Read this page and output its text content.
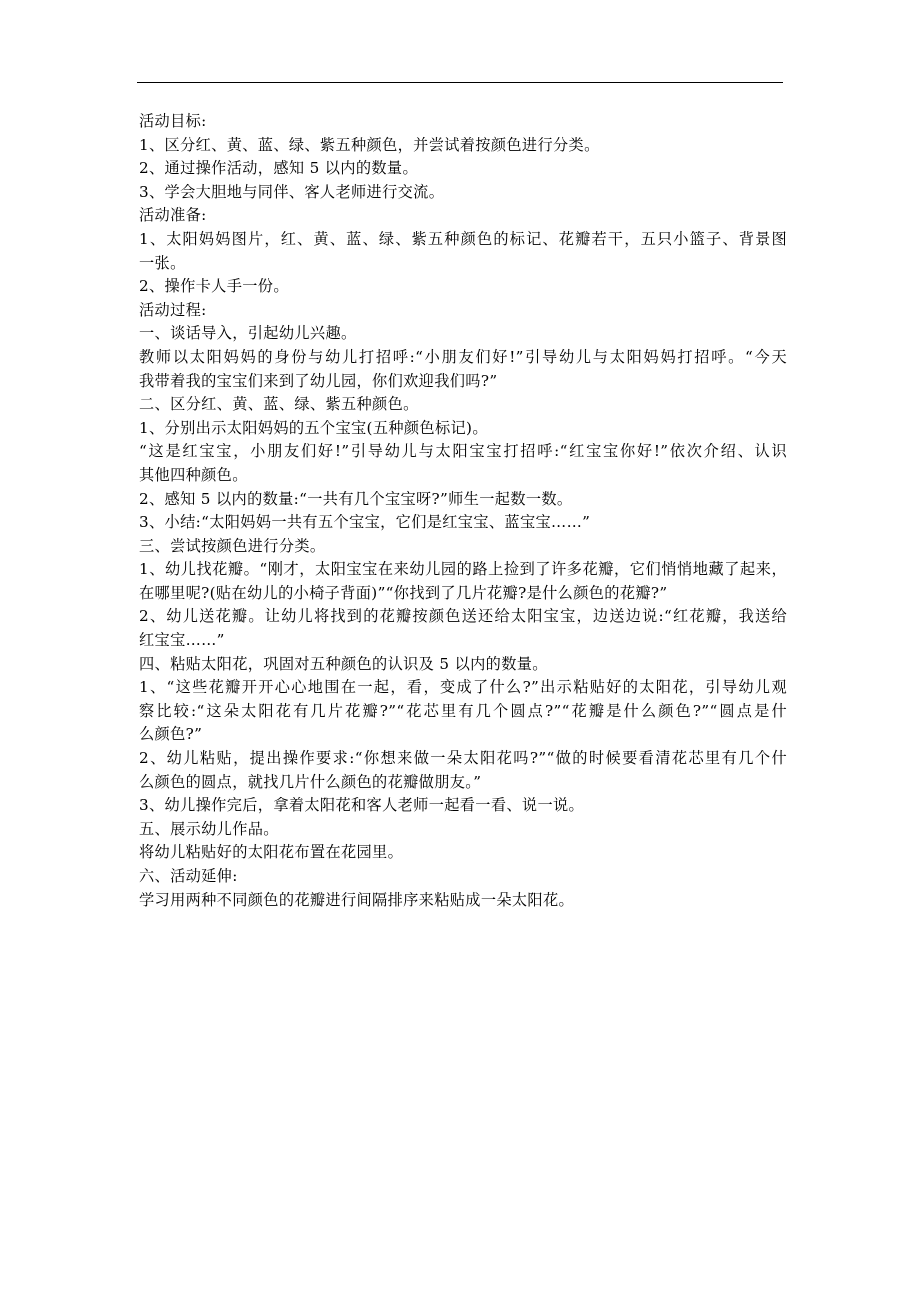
活动目标:
1、区分红、黄、蓝、绿、紫五种颜色，并尝试着按颜色进行分类。
2、通过操作活动，感知 5 以内的数量。
3、学会大胆地与同伴、客人老师进行交流。
活动准备:
1、太阳妈妈图片，红、黄、蓝、绿、紫五种颜色的标记、花瓣若干，五只小篮子、背景图
一张。
2、操作卡人手一份。
活动过程:
一、谈话导入，引起幼儿兴趣。
教师以太阳妈妈的身份与幼儿打招呼:“小朋友们好!”引导幼儿与太阳妈妈打招呼。“今天
我带着我的宝宝们来到了幼儿园，你们欢迎我们吗?”
二、区分红、黄、蓝、绿、紫五种颜色。
1、分别出示太阳妈妈的五个宝宝(五种颜色标记)。
“这是红宝宝，小朋友们好!”引导幼儿与太阳宝宝打招呼:“红宝宝你好!”依次介绍、认识
其他四种颜色。
2、感知 5 以内的数量:“一共有几个宝宝呀?”师生一起数一数。
3、小结:“太阳妈妈一共有五个宝宝，它们是红宝宝、蓝宝宝……”
三、尝试按颜色进行分类。
1、幼儿找花瓣。“刚才，太阳宝宝在来幼儿园的路上捡到了许多花瓣，它们悄悄地藏了起来，
在哪里呢?(贴在幼儿的小椅子背面)”“你找到了几片花瓣?是什么颜色的花瓣?”
2、幼儿送花瓣。让幼儿将找到的花瓣按颜色送还给太阳宝宝，边送边说:“红花瓣，我送给
红宝宝……”
四、粘贴太阳花，巩固对五种颜色的认识及 5 以内的数量。
1、“这些花瓣开开心心地围在一起，看，变成了什么?”出示粘贴好的太阳花，引导幼儿观
察比较:“这朵太阳花有几片花瓣?”“花芯里有几个圆点?”“花瓣是什么颜色?”“圆点是什
么颜色?”
2、幼儿粘贴，提出操作要求:“你想来做一朵太阳花吗?”“做的时候要看清花芯里有几个什
么颜色的圆点，就找几片什么颜色的花瓣做朋友。”
3、幼儿操作完后，拿着太阳花和客人老师一起看一看、说一说。
五、展示幼儿作品。
将幼儿粘贴好的太阳花布置在花园里。
六、活动延伸:
学习用两种不同颜色的花瓣进行间隔排序来粘贴成一朵太阳花。
